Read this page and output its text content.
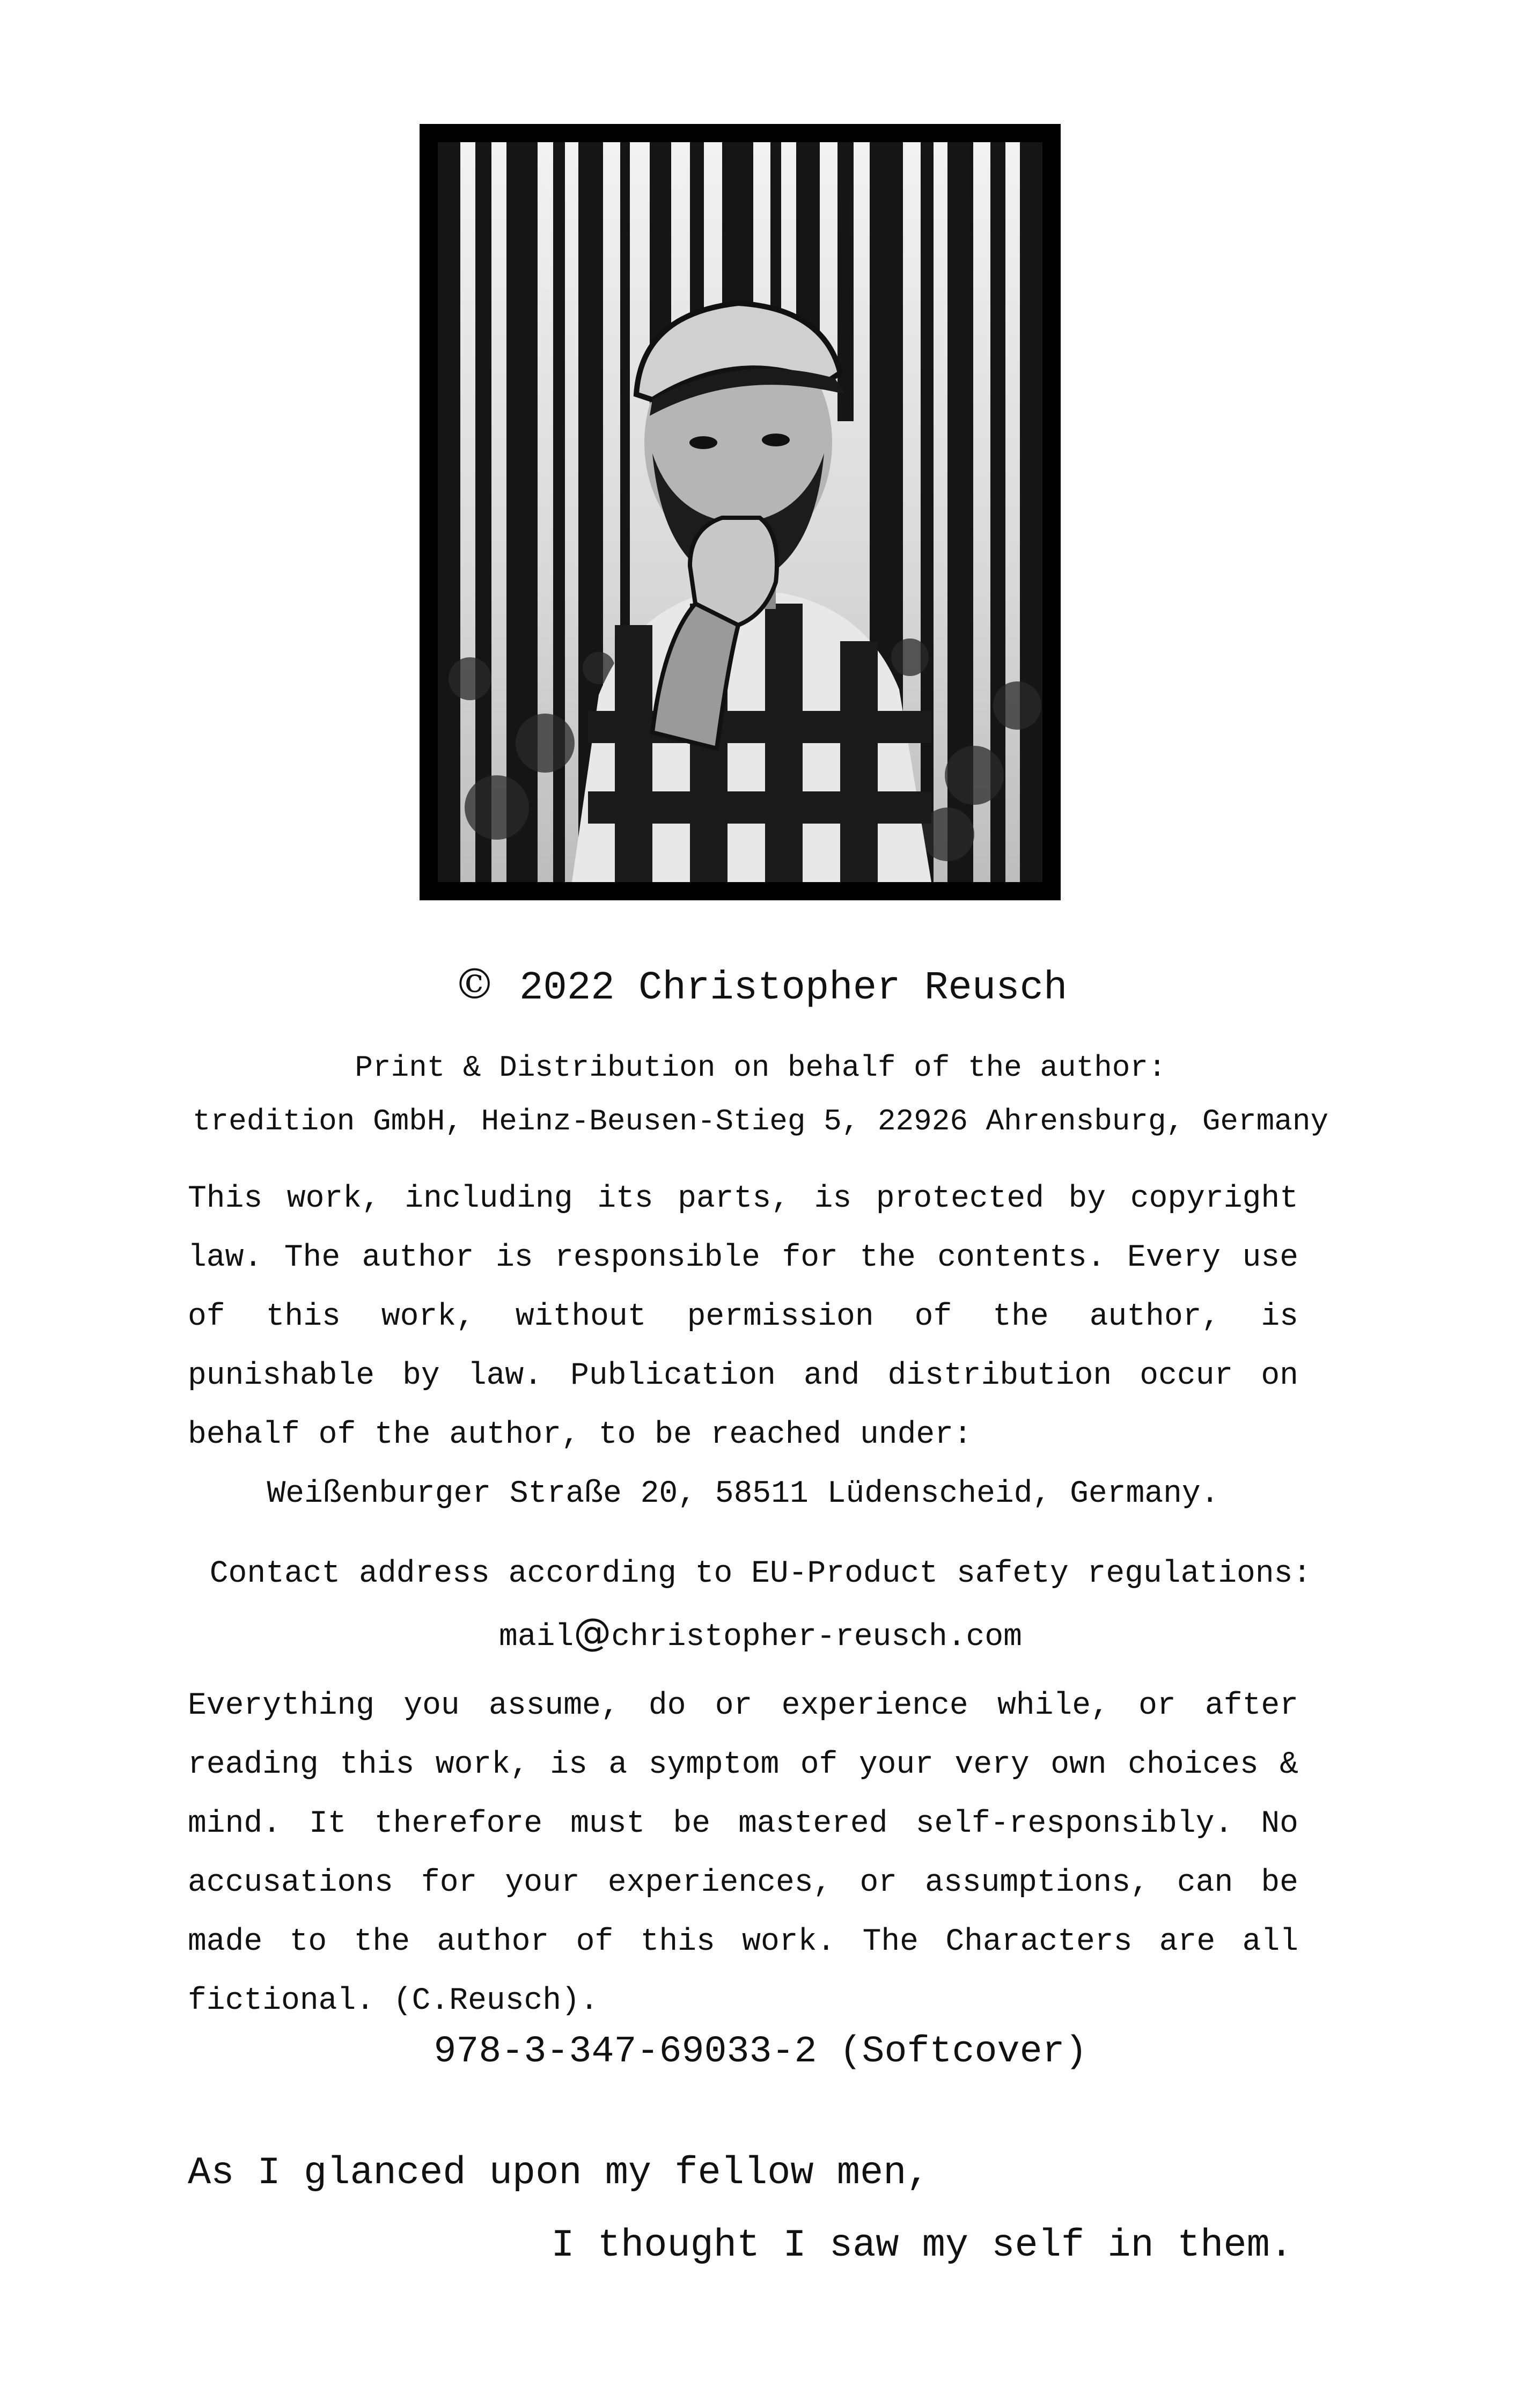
© 2022 Christopher Reusch
Print & Distribution on behalf of the author:
tredition GmbH, Heinz-Beusen-Stieg 5, 22926 Ahrensburg, Germany
This work, including its parts, is protected by copyright law. The author is responsible for the contents. Every use of this work, without permission of the author, is punishable by law. Publication and distribution occur on behalf of the author, to be reached under:
Weißenburger Straße 20, 58511 Lüdenscheid, Germany.
Contact address according to EU-Product safety regulations:
mail@christopher-reusch.com
Everything you assume, do or experience while, or after reading this work, is a symptom of your very own choices & mind. It therefore must be mastered self-responsibly. No accusations for your experiences, or assumptions, can be made to the author of this work. The Characters are all fictional. (C.Reusch).
978-3-347-69033-2 (Softcover)
As I glanced upon my fellow men,
I thought I saw my self in them.
